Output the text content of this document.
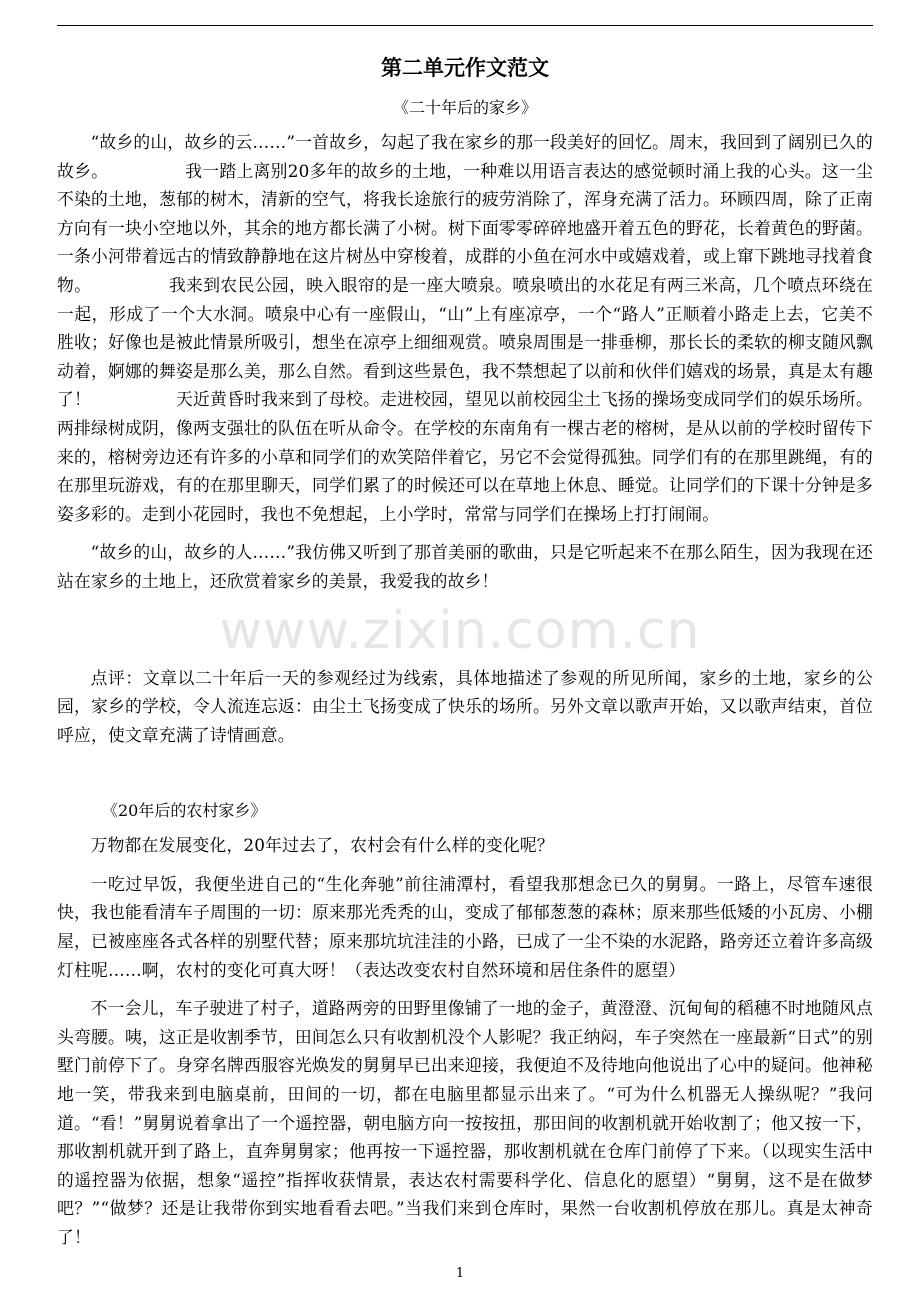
www.zixin.com.cn
第二单元作文范文
《二十年后的家乡》

“故乡的山，故乡的云……”一首故乡，勾起了我在家乡的那一段美好的回忆。周末，我回到了阔别已久的故乡。　　　　　我一踏上离别20多年的故乡的土地，一种难以用语言表达的感觉顿时涌上我的心头。这一尘不染的土地，葱郁的树木，清新的空气，将我长途旅行的疲劳消除了，浑身充满了活力。环顾四周，除了正南方向有一块小空地以外，其余的地方都长满了小树。树下面零零碎碎地盛开着五色的野花，长着黄色的野菌。一条小河带着远古的情致静静地在这片树丛中穿梭着，成群的小鱼在河水中或嬉戏着，或上窜下跳地寻找着食物。　　　　　我来到农民公园，映入眼帘的是一座大喷泉。喷泉喷出的水花足有两三米高，几个喷点环绕在一起，形成了一个大水洞。喷泉中心有一座假山，“山”上有座凉亭，一个“路人”正顺着小路走上去，它美不胜收；好像也是被此情景所吸引，想坐在凉亭上细细观赏。喷泉周围是一排垂柳，那长长的柔软的柳支随风飘动着，婀娜的舞姿是那么美，那么自然。看到这些景色，我不禁想起了以前和伙伴们嬉戏的场景，真是太有趣了！　　　　　天近黄昏时我来到了母校。走进校园，望见以前校园尘土飞扬的操场变成同学们的娱乐场所。两排绿树成阴，像两支强壮的队伍在听从命令。在学校的东南角有一棵古老的榕树，是从以前的学校时留传下来的，榕树旁边还有许多的小草和同学们的欢笑陪伴着它，另它不会觉得孤独。同学们有的在那里跳绳，有的在那里玩游戏，有的在那里聊天，同学们累了的时候还可以在草地上休息、睡觉。让同学们的下课十分钟是多姿多彩的。走到小花园时，我也不免想起，上小学时，常常与同学们在操场上打打闹闹。

“故乡的山，故乡的人……”我仿佛又听到了那首美丽的歌曲，只是它听起来不在那么陌生，因为我现在还站在家乡的土地上，还欣赏着家乡的美景，我爱我的故乡！

点评：文章以二十年后一天的参观经过为线索，具体地描述了参观的所见所闻，家乡的土地，家乡的公园，家乡的学校，令人流连忘返：由尘土飞扬变成了快乐的场所。另外文章以歌声开始，又以歌声结束，首位呼应，使文章充满了诗情画意。

《20年后的农村家乡》

万物都在发展变化，20年过去了，农村会有什么样的变化呢？

一吃过早饭，我便坐进自己的“生化奔驰”前往浦潭村，看望我那想念已久的舅舅。一路上，尽管车速很快，我也能看清车子周围的一切：原来那光秃秃的山，变成了郁郁葱葱的森林；原来那些低矮的小瓦房、小棚屋，已被座座各式各样的别墅代替；原来那坑坑洼洼的小路，已成了一尘不染的水泥路，路旁还立着许多高级灯柱呢……啊，农村的变化可真大呀！（表达改变农村自然环境和居住条件的愿望）

不一会儿，车子驶进了村子，道路两旁的田野里像铺了一地的金子，黄澄澄、沉甸甸的稻穗不时地随风点头弯腰。咦，这正是收割季节，田间怎么只有收割机没个人影呢？我正纳闷，车子突然在一座最新“日式”的别墅门前停下了。身穿名牌西服容光焕发的舅舅早已出来迎接，我便迫不及待地向他说出了心中的疑问。他神秘地一笑，带我来到电脑桌前，田间的一切，都在电脑里都显示出来了。“可为什么机器无人操纵呢？”我问道。“看！”舅舅说着拿出了一个遥控器，朝电脑方向一按按扭，那田间的收割机就开始收割了；他又按一下，那收割机就开到了路上，直奔舅舅家；他再按一下遥控器，那收割机就在仓库门前停了下来。（以现实生活中的遥控器为依据，想象“遥控”指挥收获情景，表达农村需要科学化、信息化的愿望）“舅舅，这不是在做梦吧？”“做梦？还是让我带你到实地看看去吧。”当我们来到仓库时，果然一台收割机停放在那儿。真是太神奇了！

1
